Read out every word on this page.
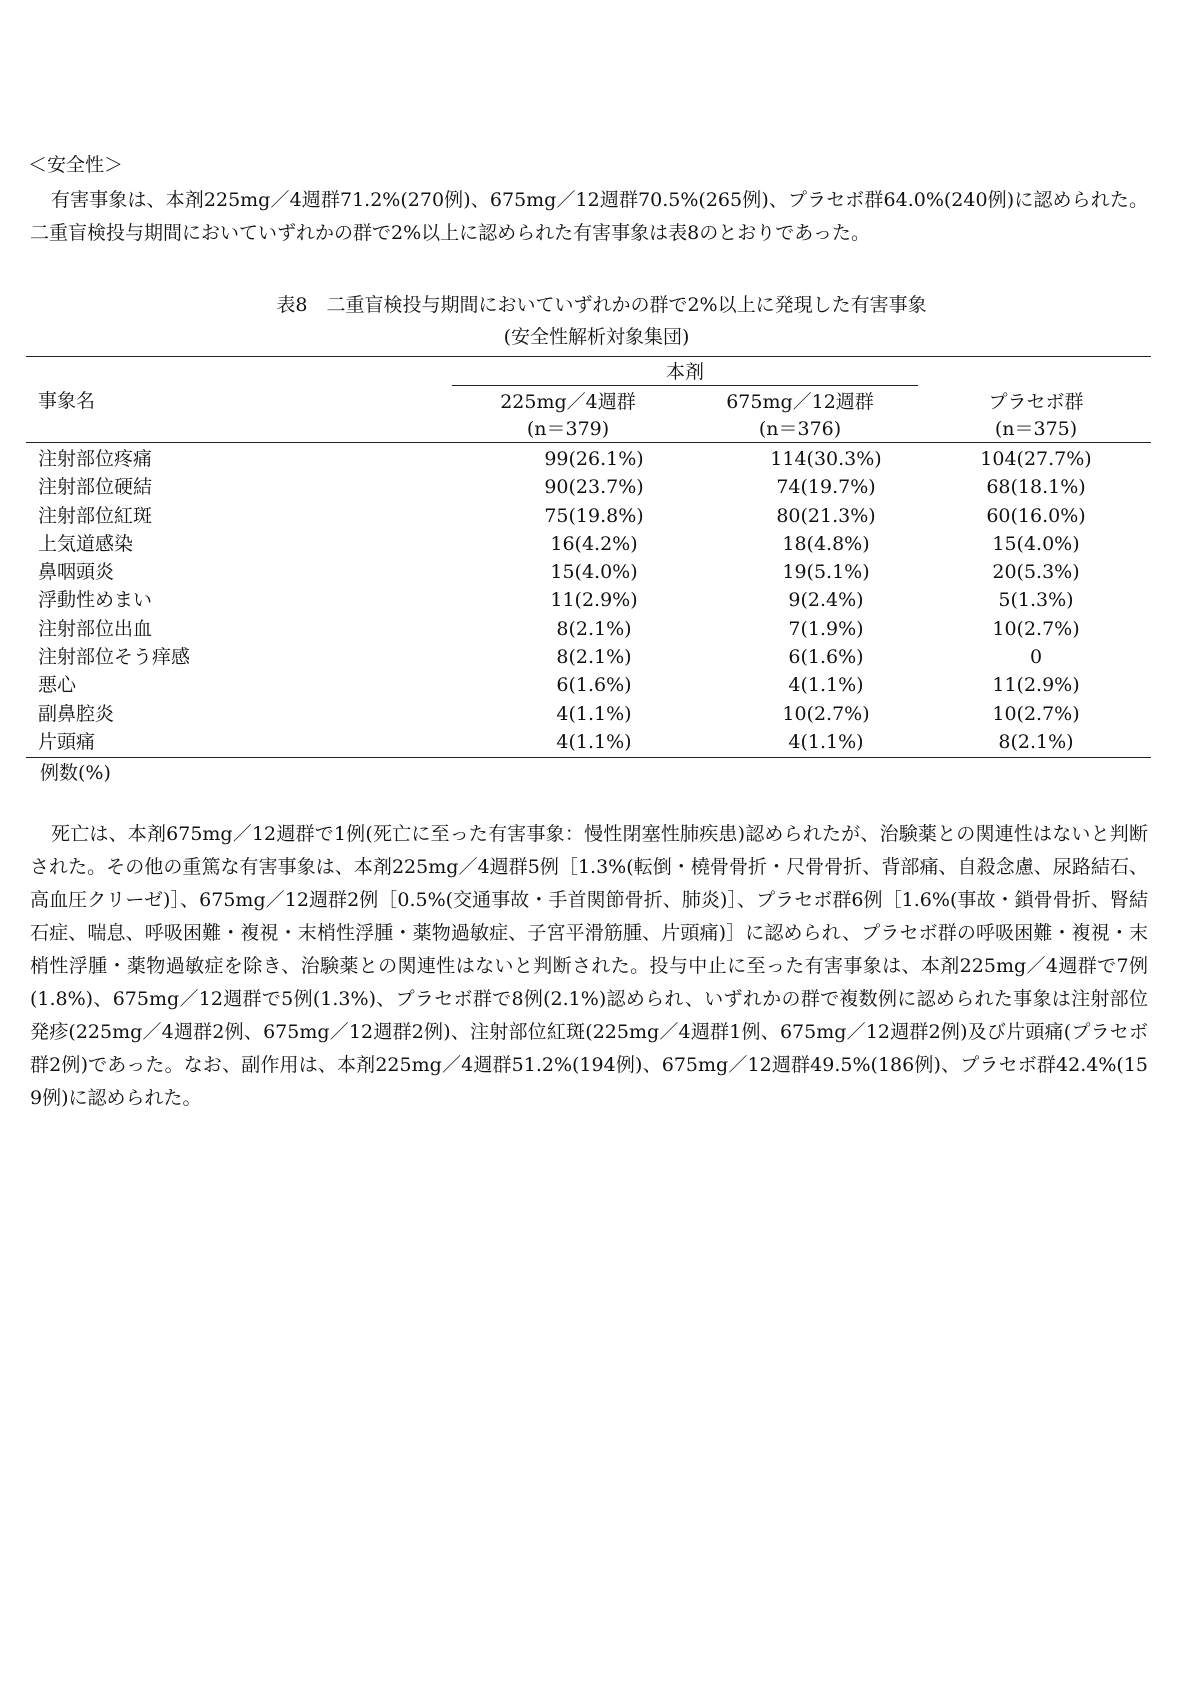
＜安全性＞
有害事象は、本剤225mg／4週群71.2%(270例)、675mg／12週群70.5%(265例)、プラセボ群64.0%(240例)に認められた。二重盲検投与期間においていずれかの群で2%以上に認められた有害事象は表8のとおりであった。
表8　二重盲検投与期間においていずれかの群で2%以上に発現した有害事象
(安全性解析対象集団)
本剤
事象名	225mg／4週群	675mg／12週群	プラセボ群
(n＝379)	(n＝376)	(n＝375)
注射部位疼痛	99(26.1%)	114(30.3%)	104(27.7%)
注射部位硬結	90(23.7%)	74(19.7%)	68(18.1%)
注射部位紅斑	75(19.8%)	80(21.3%)	60(16.0%)
上気道感染	16(4.2%)	18(4.8%)	15(4.0%)
鼻咽頭炎	15(4.0%)	19(5.1%)	20(5.3%)
浮動性めまい	11(2.9%)	9(2.4%)	5(1.3%)
注射部位出血	8(2.1%)	7(1.9%)	10(2.7%)
注射部位そう痒感	8(2.1%)	6(1.6%)	0
悪心	6(1.6%)	4(1.1%)	11(2.9%)
副鼻腔炎	4(1.1%)	10(2.7%)	10(2.7%)
片頭痛	4(1.1%)	4(1.1%)	8(2.1%)
例数(%)
死亡は、本剤675mg／12週群で1例(死亡に至った有害事象：慢性閉塞性肺疾患)認められたが、治験薬との関連性はないと判断された。その他の重篤な有害事象は、本剤225mg／4週群5例［1.3%(転倒・橈骨骨折・尺骨骨折、背部痛、自殺念慮、尿路結石、高血圧クリーゼ)］、675mg／12週群2例［0.5%(交通事故・手首関節骨折、肺炎)］、プラセボ群6例［1.6%(事故・鎖骨骨折、腎結石症、喘息、呼吸困難・複視・末梢性浮腫・薬物過敏症、子宮平滑筋腫、片頭痛)］に認められ、プラセボ群の呼吸困難・複視・末梢性浮腫・薬物過敏症を除き、治験薬との関連性はないと判断された。投与中止に至った有害事象は、本剤225mg／4週群で7例(1.8%)、675mg／12週群で5例(1.3%)、プラセボ群で8例(2.1%)認められ、いずれかの群で複数例に認められた事象は注射部位発疹(225mg／4週群2例、675mg／12週群2例)、注射部位紅斑(225mg／4週群1例、675mg／12週群2例)及び片頭痛(プラセボ群2例)であった。なお、副作用は、本剤225mg／4週群51.2%(194例)、675mg／12週群49.5%(186例)、プラセボ群42.4%(159例)に認められた。
